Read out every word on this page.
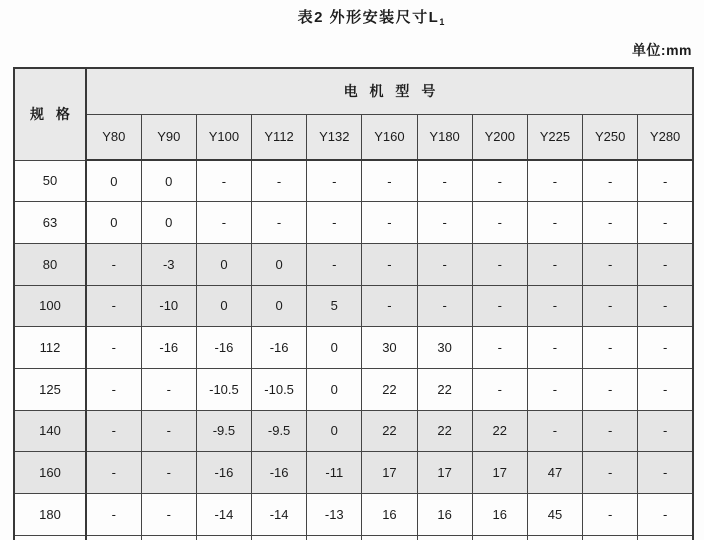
表2 外形安装尺寸$L_1$
单位:mm
规 格	电 机 型 号										
	Y80	Y90	Y100	Y112	Y132	Y160	Y180	Y200	Y225	Y250	Y280
50	0	0	-	-	-	-	-	-	-	-	-
63	0	0	-	-	-	-	-	-	-	-	-
80	-	-3	0	0	-	-	-	-	-	-	-
100	-	-10	0	0	5	-	-	-	-	-	-
112	-	-16	-16	-16	0	30	30	-	-	-	-
125	-	-	-10.5	-10.5	0	22	22	-	-	-	-
140	-	-	-9.5	-9.5	0	22	22	22	-	-	-
160	-	-	-16	-16	-11	17	17	17	47	-	-
180	-	-	-14	-14	-13	16	16	16	45	-	-
